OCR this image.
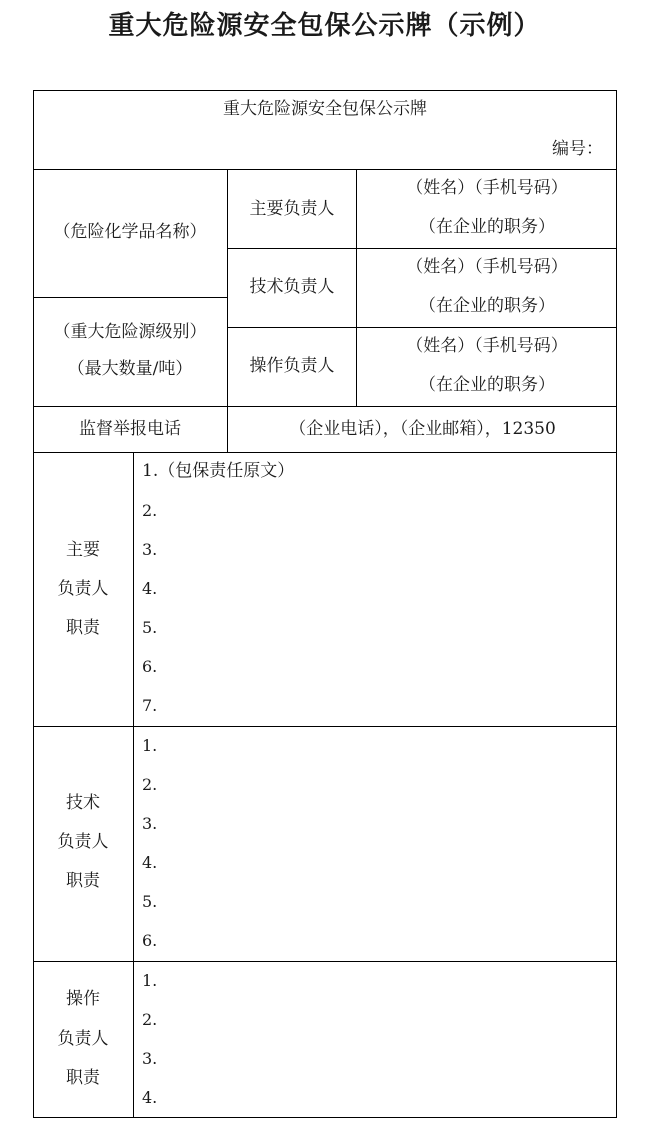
重大危险源安全包保公示牌（示例）
重大危险源安全包保公示牌
编号：
（危险化学品名称）
（重大危险源级别）
（最大数量/吨）
主要负责人
（姓名）（手机号码）
（在企业的职务）
技术负责人
（姓名）（手机号码）
（在企业的职务）
操作负责人
（姓名）（手机号码）
（在企业的职务）
监督举报电话	（企业电话），（企业邮箱），12350
主要
负责人
职责
1.（包保责任原文）
2.
3.
4.
5.
6.
7.
技术
负责人
职责
1.
2.
3.
4.
5.
6.
操作
负责人
职责
1.
2.
3.
4.
